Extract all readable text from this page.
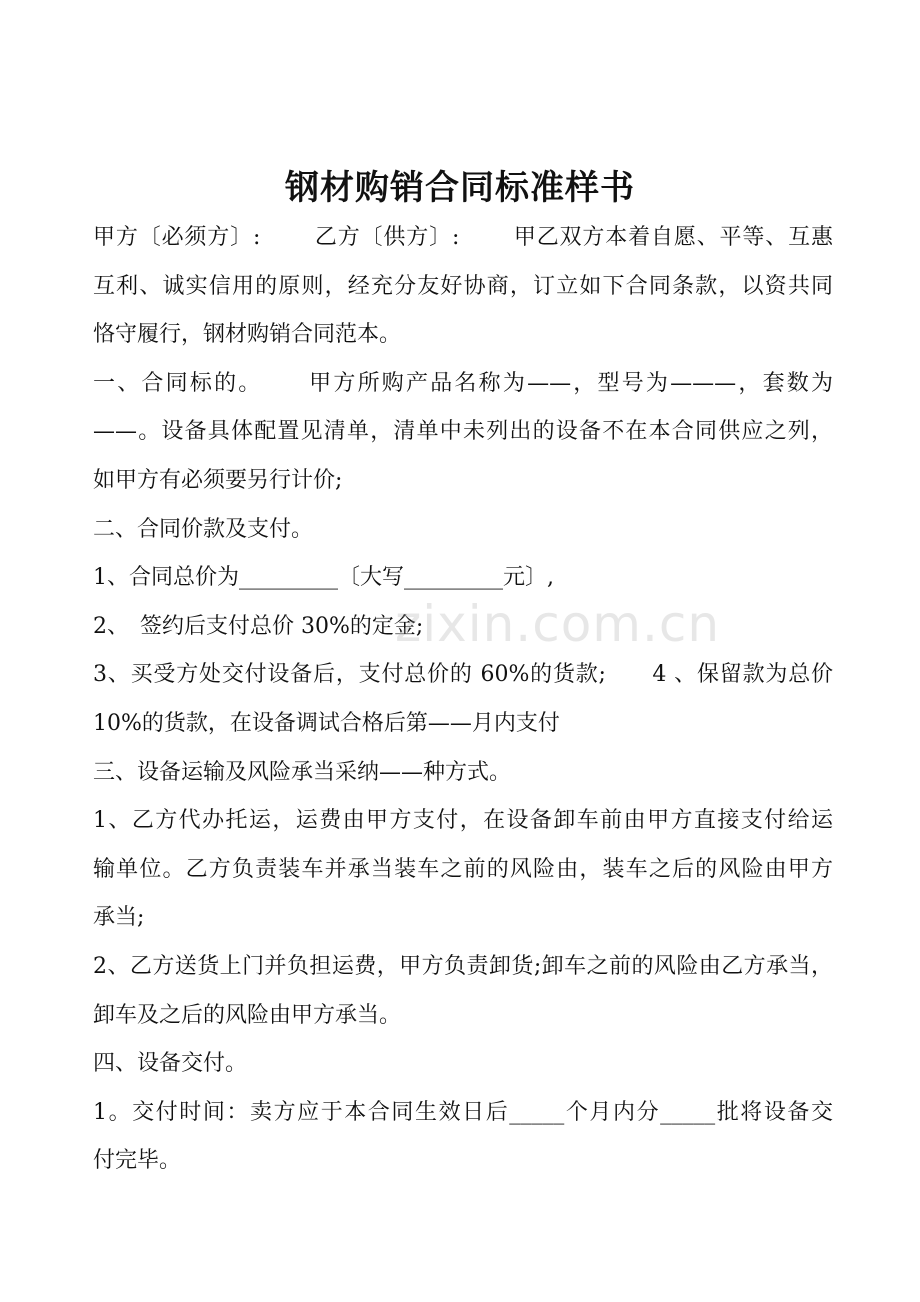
钢材购销合同标准样书
甲方〔必须方〕:　　 乙方〔供方〕:　　 甲乙双方本着自愿、平等、互惠
互利、诚实信用的原则，经充分友好协商，订立如下合同条款，以资共同
恪守履行，钢材购销合同范本。
一、合同标的。　　 甲方所购产品名称为——，型号为———，套数为
——。设备具体配置见清单，清单中未列出的设备不在本合同供应之列，
如甲方有必须要另行计价;
二、合同价款及支付。
1、合同总价为_________〔大写_________元〕,
2、　签约后支付总价 30%的定金;
3、买受方处交付设备后，支付总价的 60%的货款;　　4 、保留款为总价
10%的货款，在设备调试合格后第——月内支付
三、设备运输及风险承当采纳——种方式。
1、乙方代办托运，运费由甲方支付，在设备卸车前由甲方直接支付给运
输单位。乙方负责装车并承当装车之前的风险由，装车之后的风险由甲方
承当;
2、乙方送货上门并负担运费，甲方负责卸货;卸车之前的风险由乙方承当，
卸车及之后的风险由甲方承当。
四、设备交付。
1。交付时间：卖方应于本合同生效日后_____个月内分_____批将设备交
付完毕。
zixin.com.cn
